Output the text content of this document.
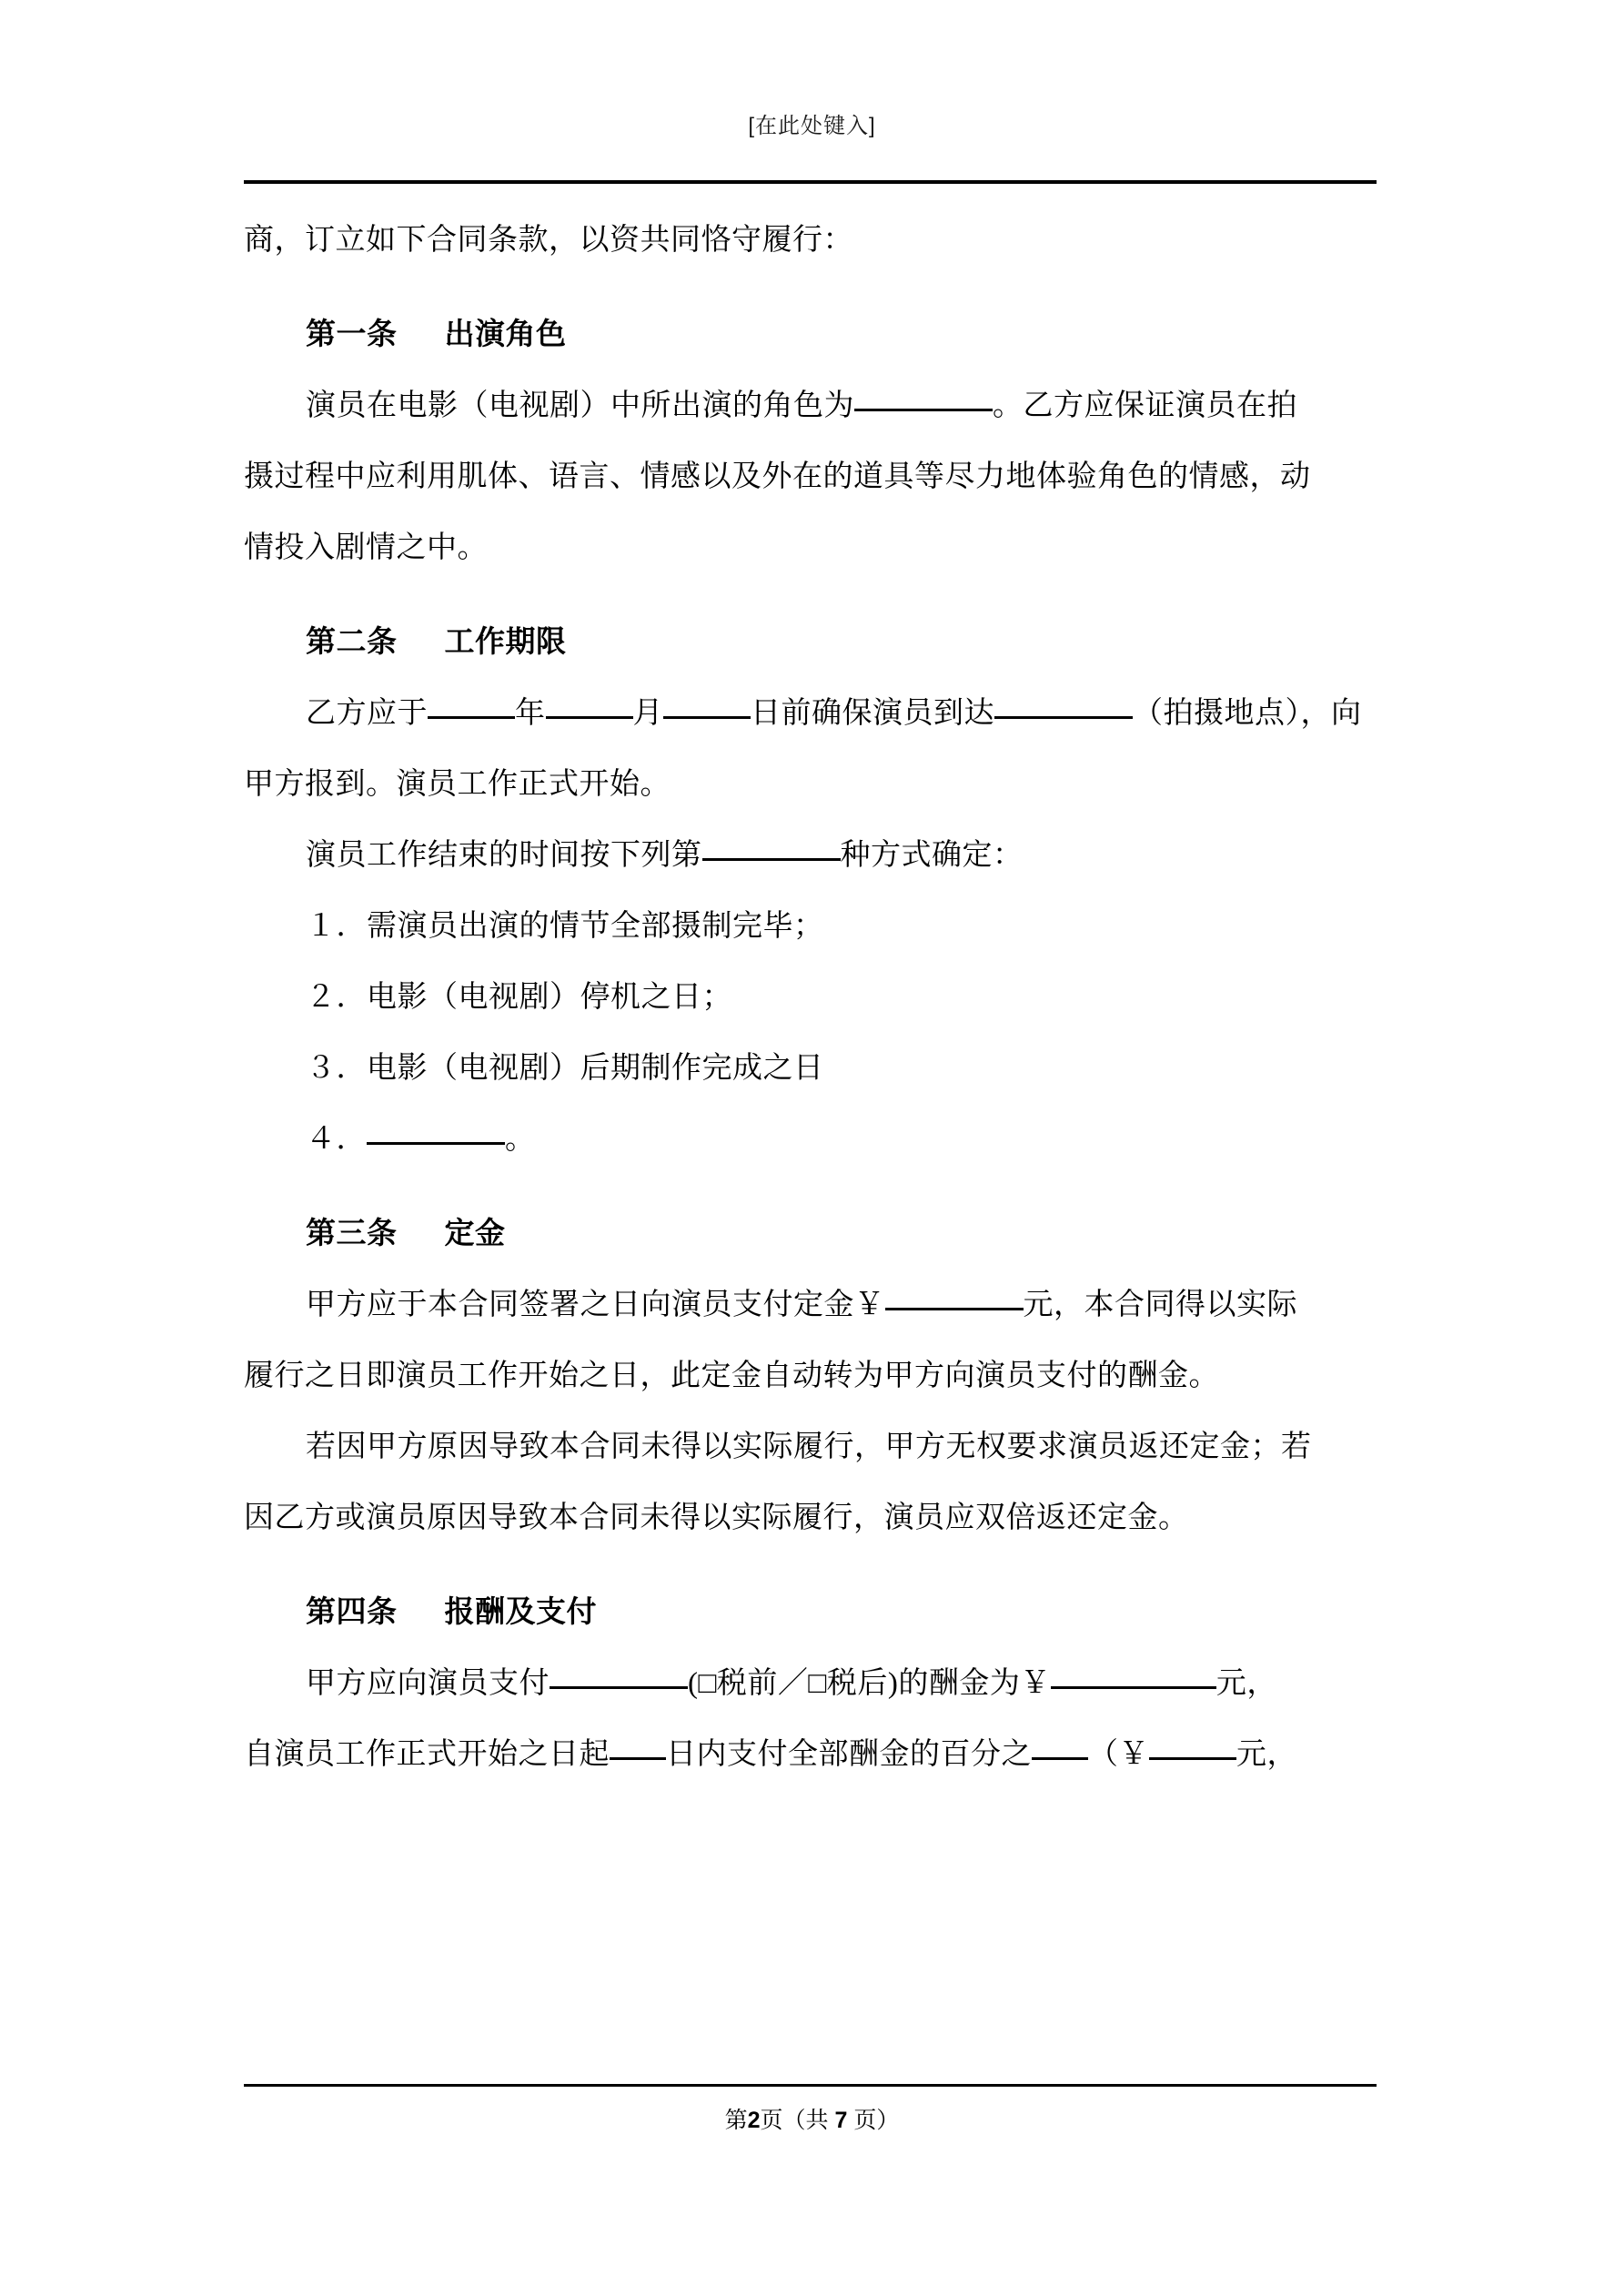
[在此处键入]
商，订立如下合同条款，以资共同恪守履行：
第一条 出演角色
演员在电影（电视剧）中所出演的角色为	。乙方应保证演员在拍
摄过程中应利用肌体、语言、情感以及外在的道具等尽力地体验角色的情感，动
情投入剧情之中。
第二条 工作期限
乙方应于	年	月	日前确保演员到达	（拍摄地点），向
甲方报到。演员工作正式开始。
演员工作结束的时间按下列第	种方式确定：
１．需演员出演的情节全部摄制完毕；
２．电影（电视剧）停机之日；
３．电影（电视剧）后期制作完成之日
４．	。
第三条 定金
甲方应于本合同签署之日向演员支付定金￥	元，本合同得以实际
履行之日即演员工作开始之日，此定金自动转为甲方向演员支付的酬金。
若因甲方原因导致本合同未得以实际履行，甲方无权要求演员返还定金；若
因乙方或演员原因导致本合同未得以实际履行，演员应双倍返还定金。
第四条 报酬及支付
甲方应向演员支付	(□税前／□税后)的酬金为￥	元，
自演员工作正式开始之日起 日内支付全部酬金的百分之 （￥	元，
第2页（共 7 页）
